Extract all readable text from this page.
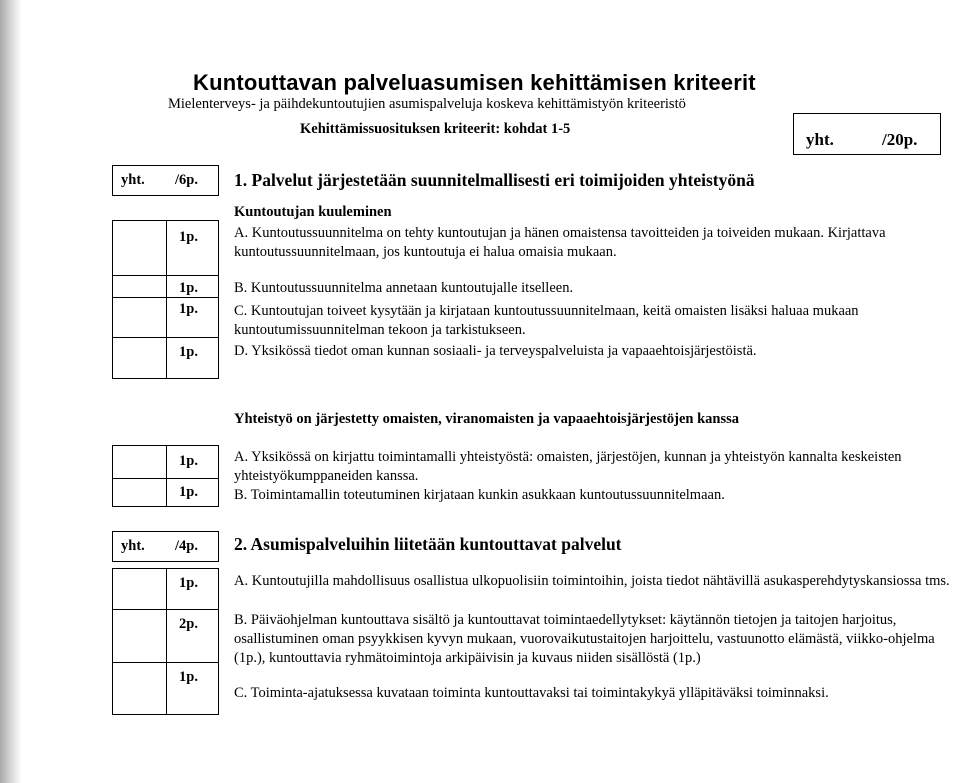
Kuntouttavan palveluasumisen kehittämisen kriteerit
Mielenterveys- ja päihdekuntoutujien asumispalveluja koskeva kehittämistyön kriteeristö
Kehittämissuosituksen kriteerit: kohdat 1-5
yht.	/20p.
yht. /6p. 1. Palvelut järjestetään suunnitelmallisesti eri toimijoiden yhteistyönä
Kuntoutujan kuuleminen
1p.
1p.
1p.
1p.
A. Kuntoutussuunnitelma on tehty kuntoutujan ja hänen omaistensa tavoitteiden ja toiveiden mukaan. Kirjattava kuntoutussuunnitelmaan, jos kuntoutuja ei halua omaisia mukaan.
B. Kuntoutussuunnitelma annetaan kuntoutujalle itselleen.
C. Kuntoutujan toiveet kysytään ja kirjataan kuntoutussuunnitelmaan, keitä omaisten lisäksi haluaa mukaan kuntoutumissuunnitelman tekoon ja tarkistukseen.
D. Yksikössä tiedot oman kunnan sosiaali- ja terveyspalveluista ja vapaaehtoisjärjestöistä.
Yhteistyö on järjestetty omaisten, viranomaisten ja vapaaehtoisjärjestöjen kanssa
1p.
1p.
A. Yksikössä on kirjattu toimintamalli yhteistyöstä: omaisten, järjestöjen, kunnan ja yhteistyön kannalta keskeisten yhteistyökumppaneiden kanssa.
B. Toimintamallin toteutuminen kirjataan kunkin asukkaan kuntoutussuunnitelmaan.
yht. /4p. 2. Asumispalveluihin liitetään kuntouttavat palvelut
1p.
2p.
1p.
A. Kuntoutujilla mahdollisuus osallistua ulkopuolisiin toimintoihin, joista tiedot nähtävillä asukasperehdytyskansiossa tms.
B. Päiväohjelman kuntouttava sisältö ja kuntouttavat toimintaedellytykset: käytännön tietojen ja taitojen harjoitus, osallistuminen oman psyykkisen kyvyn mukaan, vuorovaikutustaitojen harjoittelu, vastuunotto elämästä, viikko-ohjelma (1p.), kuntouttavia ryhmätoimintoja arkipäivisin ja kuvaus niiden sisällöstä (1p.)
C. Toiminta-ajatuksessa kuvataan toiminta kuntouttavaksi tai toimintakykyä ylläpitäväksi toiminnaksi.
